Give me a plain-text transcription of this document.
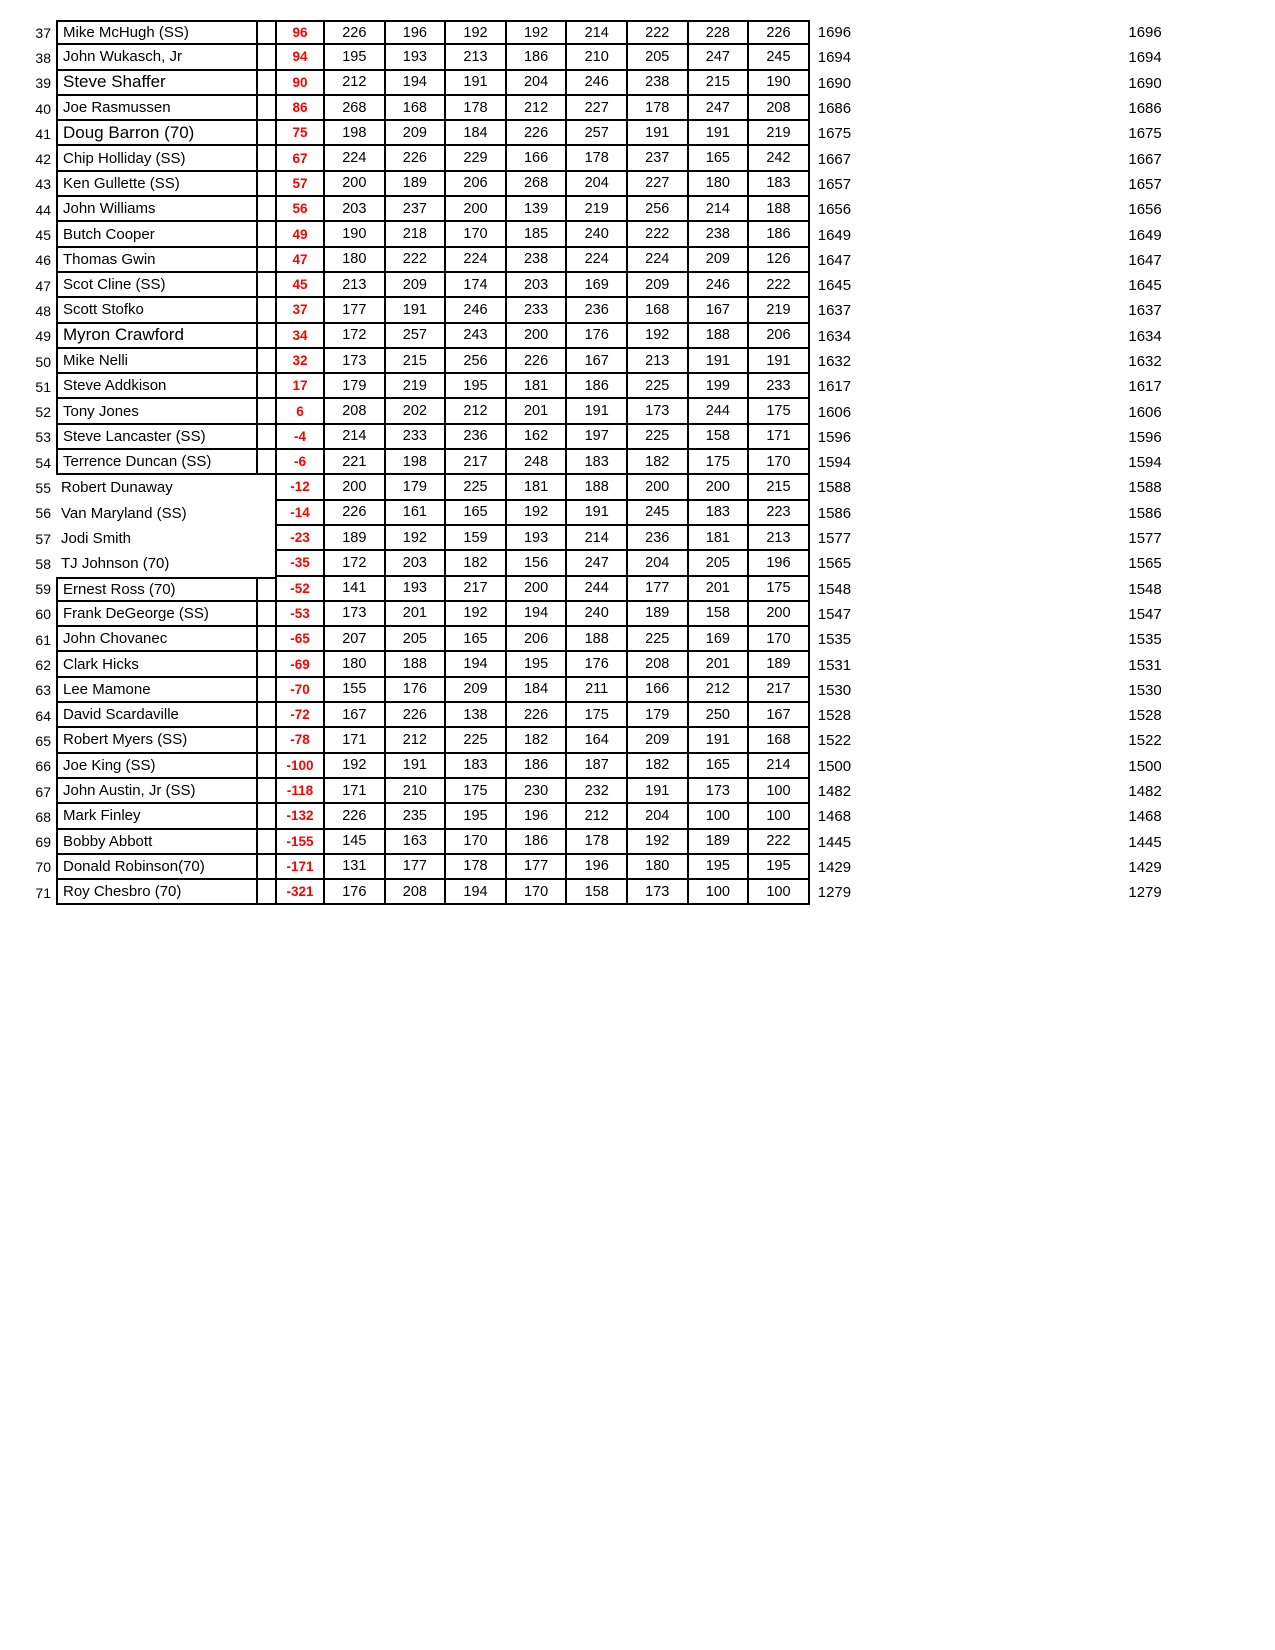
37 Mike McHugh (SS)	96	226	196	192	192	214	222	228	226	1696	1696
38 John Wukasch, Jr	94	195	193	213	186	210	205	247	245	1694	1694
39 Steve Shaffer	90	212	194	191	204	246	238	215	190	1690	1690
40 Joe Rasmussen	86	268	168	178	212	227	178	247	208	1686	1686
41 Doug Barron (70)	75	198	209	184	226	257	191	191	219	1675	1675
42 Chip Holliday (SS)	67	224	226	229	166	178	237	165	242	1667	1667
43 Ken Gullette (SS)	57	200	189	206	268	204	227	180	183	1657	1657
44 John Williams	56	203	237	200	139	219	256	214	188	1656	1656
45 Butch Cooper	49	190	218	170	185	240	222	238	186	1649	1649
46 Thomas Gwin	47	180	222	224	238	224	224	209	126	1647	1647
47 Scot Cline (SS)	45	213	209	174	203	169	209	246	222	1645	1645
48 Scott Stofko	37	177	191	246	233	236	168	167	219	1637	1637
49 Myron Crawford	34	172	257	243	200	176	192	188	206	1634	1634
50 Mike Nelli	32	173	215	256	226	167	213	191	191	1632	1632
51 Steve Addkison	17	179	219	195	181	186	225	199	233	1617	1617
52 Tony Jones	6	208	202	212	201	191	173	244	175	1606	1606
53 Steve Lancaster (SS)	-4	214	233	236	162	197	225	158	171	1596	1596
54 Terrence Duncan (SS)	-6	221	198	217	248	183	182	175	170	1594	1594
55 Robert Dunaway	-12	200	179	225	181	188	200	200	215	1588	1588
56 Van Maryland (SS)	-14	226	161	165	192	191	245	183	223	1586	1586
57 Jodi Smith	-23	189	192	159	193	214	236	181	213	1577	1577
58 TJ Johnson (70)	-35	172	203	182	156	247	204	205	196	1565	1565
59 Ernest Ross (70)	-52	141	193	217	200	244	177	201	175	1548	1548
60 Frank DeGeorge (SS)	-53	173	201	192	194	240	189	158	200	1547	1547
61 John Chovanec	-65	207	205	165	206	188	225	169	170	1535	1535
62 Clark Hicks	-69	180	188	194	195	176	208	201	189	1531	1531
63 Lee Mamone	-70	155	176	209	184	211	166	212	217	1530	1530
64 David Scardaville	-72	167	226	138	226	175	179	250	167	1528	1528
65 Robert Myers (SS)	-78	171	212	225	182	164	209	191	168	1522	1522
66 Joe King (SS)	-100	192	191	183	186	187	182	165	214	1500	1500
67 John Austin, Jr (SS)	-118	171	210	175	230	232	191	173	100	1482	1482
68 Mark Finley	-132	226	235	195	196	212	204	100	100	1468	1468
69 Bobby Abbott	-155	145	163	170	186	178	192	189	222	1445	1445
70 Donald Robinson(70)	-171	131	177	178	177	196	180	195	195	1429	1429
71 Roy Chesbro (70)	-321	176	208	194	170	158	173	100	100	1279	1279
